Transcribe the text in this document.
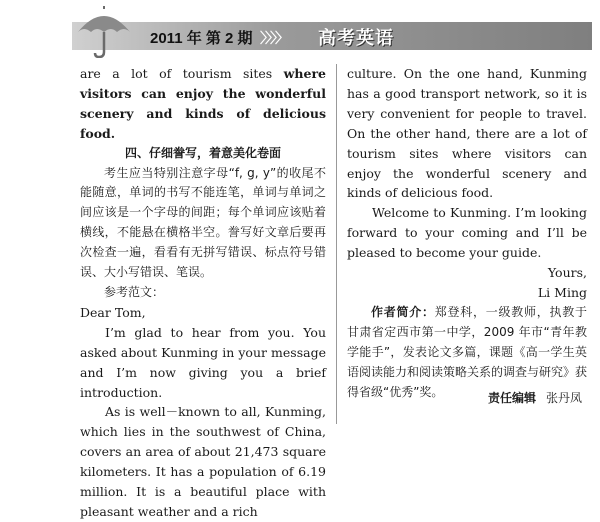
2011 年 第 2 期 〉〉〉〉 高考英语

are a lot of tourism sites where visitors can enjoy the wonderful scenery and kinds of delicious food.

四、仔细誊写，着意美化卷面

考生应当特别注意字母“f, g, y”的收尾不能随意，单词的书写不能连笔，单词与单词之间应该是一个字母的间距；每个单词应该贴着横线，不能悬在横格半空。誊写好文章后要再次检查一遍，看看有无拼写错误、标点符号错误、大小写错误、笔误。

参考范文：

Dear Tom,

I’m glad to hear from you. You asked about Kunming in your message and I’m now giving you a brief introduction.

As is well－known to all, Kunming, which lies in the southwest of China, covers an area of about 21,473 square kilometers. It has a population of 6.19 million. It is a beautiful place with pleasant weather and a rich

culture. On the one hand, Kunming has a good transport network, so it is very convenient for people to travel. On the other hand, there are a lot of tourism sites where visitors can enjoy the wonderful scenery and kinds of delicious food.

Welcome to Kunming. I’m looking forward to your coming and I’ll be pleased to become your guide.

Yours,

Li Ming

作者简介：郑登科，一级教师，执教于甘肃省定西市第一中学，2009 年市“青年教学能手”，发表论文多篇，课题《高一学生英语阅读能力和阅读策略关系的调查与研究》获得省级“优秀”奖。	责任编辑 张丹凤
